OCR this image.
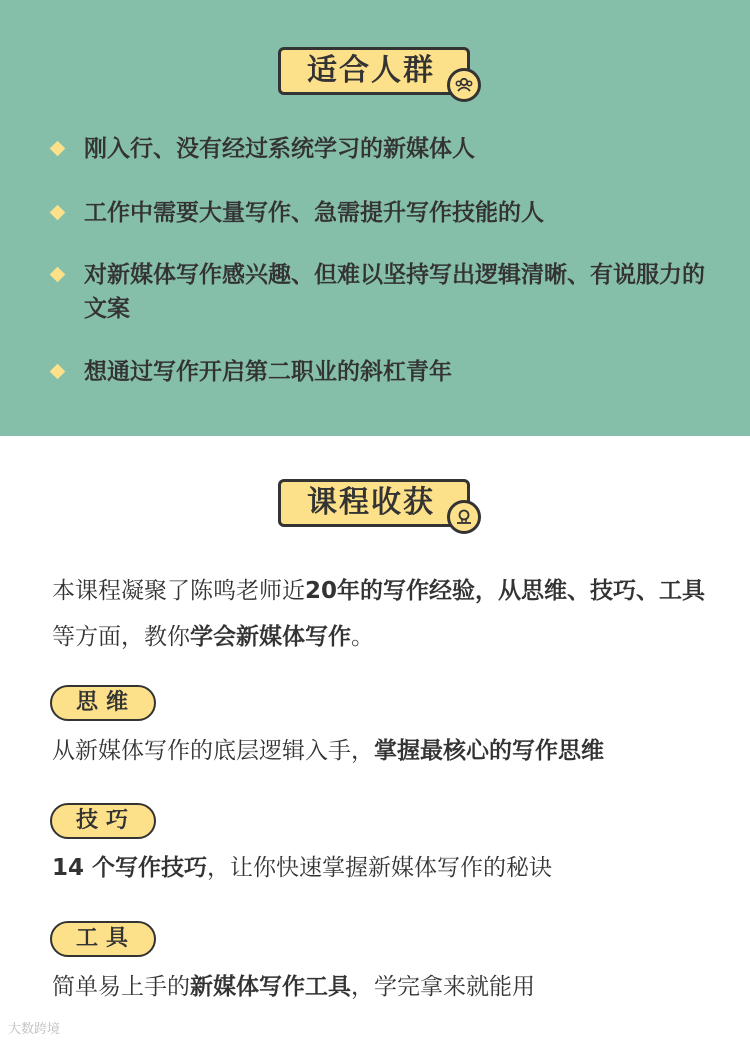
适合人群
刚入行、没有经过系统学习的新媒体人
工作中需要大量写作、急需提升写作技能的人
对新媒体写作感兴趣、但难以坚持写出逻辑清晰、有说服力的文案
想通过写作开启第二职业的斜杠青年
课程收获
本课程凝聚了陈鸣老师近20年的写作经验，从思维、技巧、工具等方面，教你学会新媒体写作。
思维
从新媒体写作的底层逻辑入手，掌握最核心的写作思维
技巧
14 个写作技巧，让你快速掌握新媒体写作的秘诀
工具
简单易上手的新媒体写作工具，学完拿来就能用
大数跨境
